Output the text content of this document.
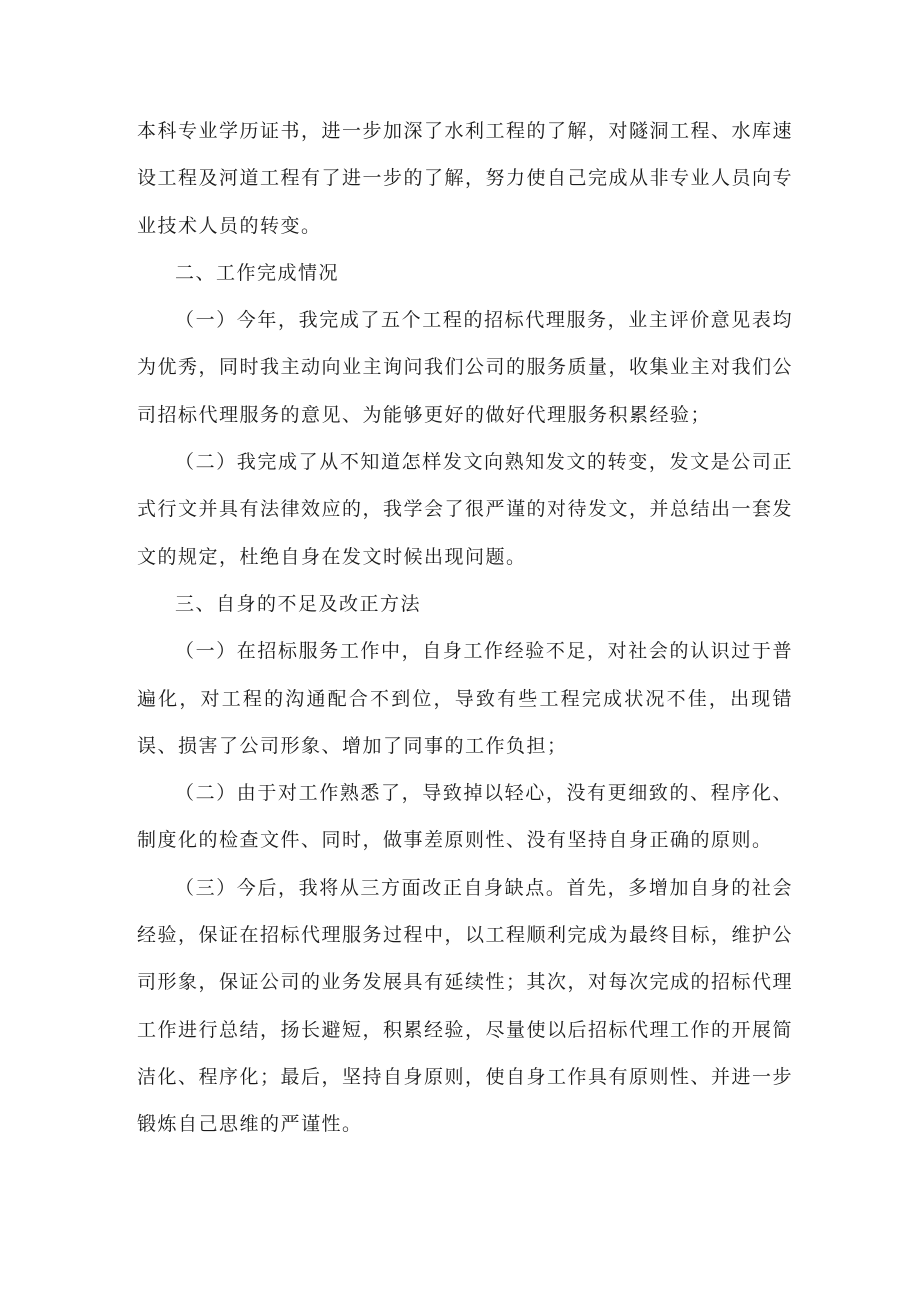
本科专业学历证书，进一步加深了水利工程的了解，对隧洞工程、水库速设工程及河道工程有了进一步的了解，努力使自己完成从非专业人员向专业技术人员的转变。

二、工作完成情况

（一）今年，我完成了五个工程的招标代理服务，业主评价意见表均为优秀，同时我主动向业主询问我们公司的服务质量，收集业主对我们公司招标代理服务的意见、为能够更好的做好代理服务积累经验；

（二）我完成了从不知道怎样发文向熟知发文的转变，发文是公司正式行文并具有法律效应的，我学会了很严谨的对待发文，并总结出一套发文的规定，杜绝自身在发文时候出现问题。

三、自身的不足及改正方法

（一）在招标服务工作中，自身工作经验不足，对社会的认识过于普遍化，对工程的沟通配合不到位，导致有些工程完成状况不佳，出现错误、损害了公司形象、增加了同事的工作负担；

（二）由于对工作熟悉了，导致掉以轻心，没有更细致的、程序化、制度化的检查文件、同时，做事差原则性、没有坚持自身正确的原则。

（三）今后，我将从三方面改正自身缺点。首先，多增加自身的社会经验，保证在招标代理服务过程中，以工程顺利完成为最终目标，维护公司形象，保证公司的业务发展具有延续性；其次，对每次完成的招标代理工作进行总结，扬长避短，积累经验，尽量使以后招标代理工作的开展简洁化、程序化；最后，坚持自身原则，使自身工作具有原则性、并进一步锻炼自己思维的严谨性。
